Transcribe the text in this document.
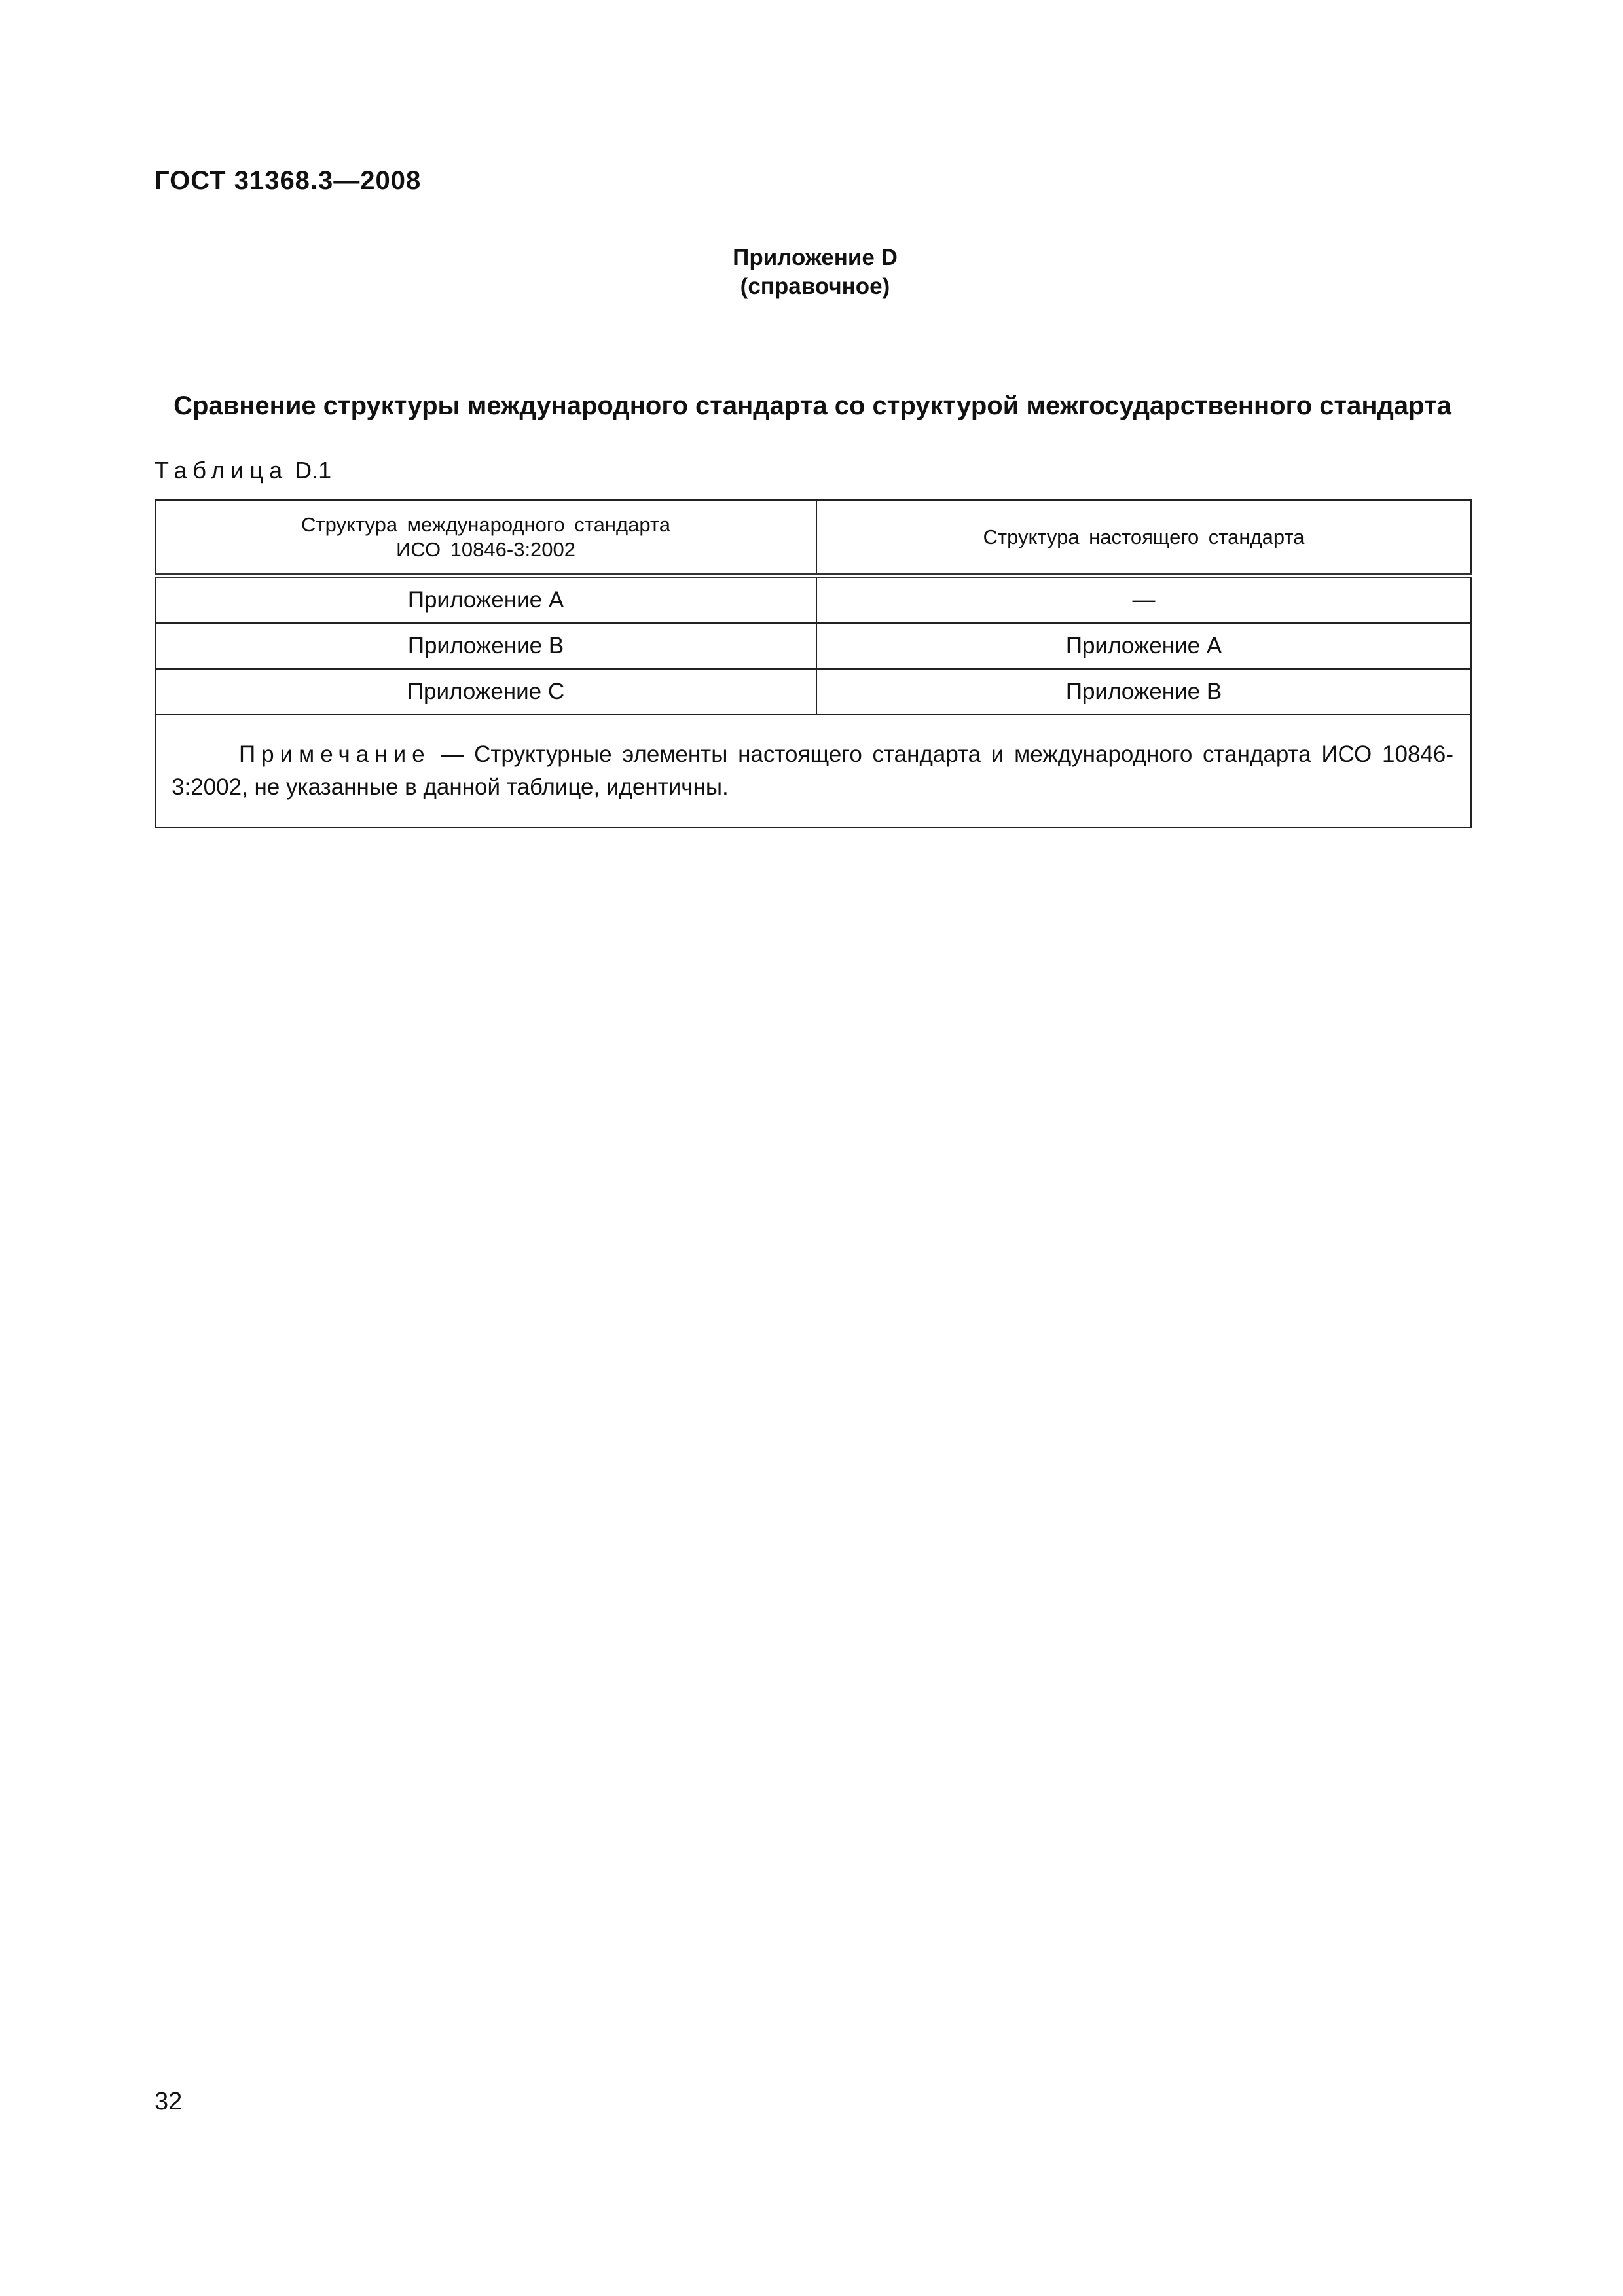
ГОСТ 31368.3—2008
Приложение D
(справочное)
Сравнение структуры международного стандарта со структурой межгосударственного стандарта
Таблица D.1
Структура международного стандарта
ИСО 10846-3:2002	Структура настоящего стандарта
Приложение А	—
Приложение В	Приложение А
Приложение С	Приложение В
Примечание — Структурные элементы настоящего стандарта и международного стандарта ИСО 10846-3:2002, не указанные в данной таблице, идентичны.	
32
